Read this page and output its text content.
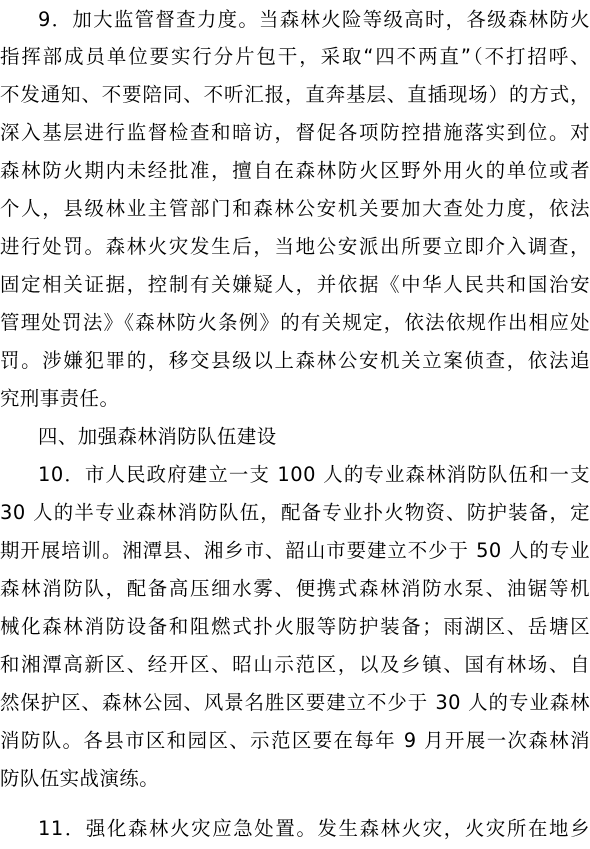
9．加大监管督查力度。当森林火险等级高时，各级森林防火
指挥部成员单位要实行分片包干，采取“四不两直”（不打招呼、
不发通知、不要陪同、不听汇报，直奔基层、直插现场）的方式，
深入基层进行监督检查和暗访，督促各项防控措施落实到位。对
森林防火期内未经批准，擅自在森林防火区野外用火的单位或者
个人，县级林业主管部门和森林公安机关要加大查处力度，依法
进行处罚。森林火灾发生后，当地公安派出所要立即介入调查，
固定相关证据，控制有关嫌疑人，并依据《中华人民共和国治安
管理处罚法》《森林防火条例》的有关规定，依法依规作出相应处
罚。涉嫌犯罪的，移交县级以上森林公安机关立案侦查，依法追
究刑事责任。
四、加强森林消防队伍建设
10．市人民政府建立一支 100 人的专业森林消防队伍和一支
30 人的半专业森林消防队伍，配备专业扑火物资、防护装备，定
期开展培训。湘潭县、湘乡市、韶山市要建立不少于 50 人的专业
森林消防队，配备高压细水雾、便携式森林消防水泵、油锯等机
械化森林消防设备和阻燃式扑火服等防护装备；雨湖区、岳塘区
和湘潭高新区、经开区、昭山示范区，以及乡镇、国有林场、自
然保护区、森林公园、风景名胜区要建立不少于 30 人的专业森林
消防队。各县市区和园区、示范区要在每年 9 月开展一次森林消
防队伍实战演练。
11．强化森林火灾应急处置。发生森林火灾，火灾所在地乡
